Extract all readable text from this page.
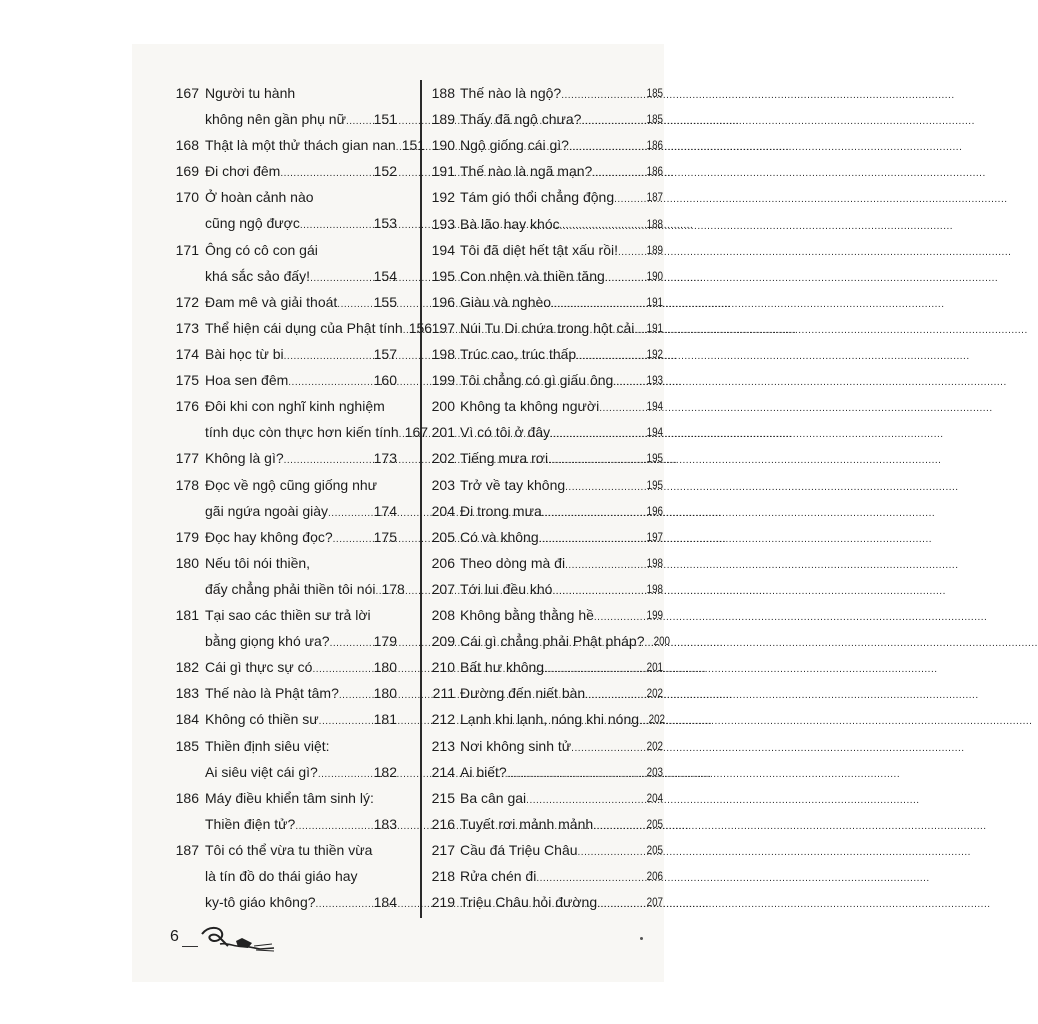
167 Người tu hành
không nên gần phụ nữ ..... 151
168 Thật là một thử thách gian nan ..... 151
169 Đi chơi đêm .....	152
170 Ở hoàn cảnh nào
cũng ngộ được .....	153
171 Ông có cô con gái
khá sắc sảo đấy! .....	154
172 Đam mê và giải thoát .....	155
173 Thể hiện cái dụng của Phật tính ..... 156
174 Bài học từ bi .....	157
175 Hoa sen đêm .....	160
176 Đôi khi con nghĩ kinh nghiệm
tính dục còn thực hơn kiến tính ..... 167
177 Không là gì? .....	173
178 Đọc về ngộ cũng giống như
gãi ngứa ngoài giày .....	174
179 Đọc hay không đọc? .....	175
180 Nếu tôi nói thiền,
đấy chẳng phải thiền tôi nói ..... 178
181 Tại sao các thiền sư trả lời
bằng giọng khó ưa? .....	179
182 Cái gì thực sự có .....	180
183 Thế nào là Phật tâm? ..... 180
184 Không có thiền sư .....	181
185 Thiền định siêu việt:
Ai siêu việt cái gì? .....	182
186 Máy điều khiển tâm sinh lý:
Thiền điện tử? .....	183
187 Tôi có thể vừa tu thiền vừa
là tín đồ do thái giáo hay
ky-tô giáo không? .....	184
188 Thế nào là ngộ? .....	185
189 Thấy đã ngộ chưa? .....	185
190 Ngộ giống cái gì? .....	186
191 Thế nào là ngã mạn? .....	186
192 Tám gió thổi chẳng động .....	187
193 Bà lão hay khóc .....	188
194 Tôi đã diệt hết tật xấu rồi! ..... 189
195 Con nhện và thiền tăng .....	190
196 Giàu và nghèo .....	191
197 Núi Tu Di chứa trong hột cải ..... 191
198 Trúc cao, trúc thấp .....	192
199 Tôi chẳng có gì giấu ông .....	193
200 Không ta không người .....	194
201 Vì có tôi ở đây .....	194
202 Tiếng mưa rơi .....	195
203 Trở về tay không .....	195
204 Đi trong mưa .....	196
205 Có và không .....	197
206 Theo dòng mà đi .....	198
207 Tới lui đều khó .....	198
208 Không bằng thằng hề .....	199
209 Cái gì chẳng phải Phật pháp? ..... 200
210 Bất hư không .....	201
211 Đường đến niết bàn .....	202
212 Lạnh khi lạnh, nóng khi nóng ..... 202
213 Nơi không sinh tử .....	202
214 Ai biết? .....	203
215 Ba cân gai .....	204
216 Tuyết rơi mảnh mảnh .....	205
217 Cầu đá Triệu Châu .....	205
218 Rửa chén đi .....	206
219 Triệu Châu hỏi đường .....	207
6
